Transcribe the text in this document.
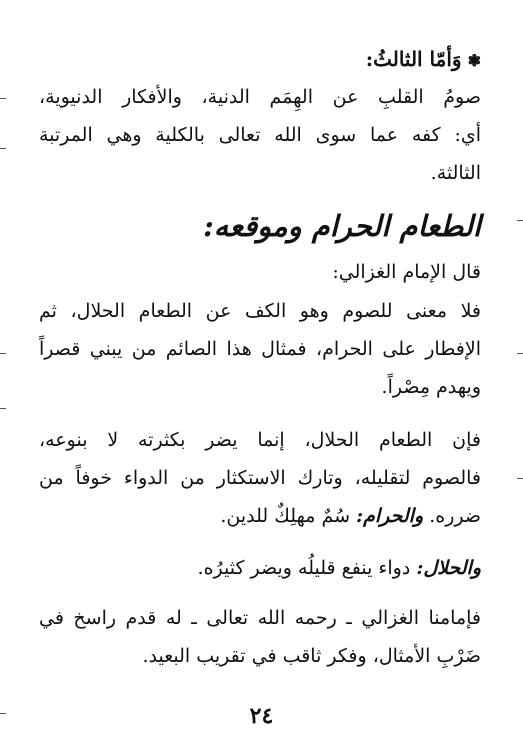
❃وَأمّا الثالثُ:
صومُ القلبِ عن الهِمَم الدنية، والأفكار الدنيوية،
أي: كفه عما سوى الله تعالى بالكلية وهي المرتبة
الثالثة.
الطعام الحرام وموقعه:
قال الإمام الغزالي:
فلا معنى للصوم وهو الكف عن الطعام الحلال، ثم
الإفطار على الحرام، فمثال هذا الصائم من يبني قصراً
ويهدم مِصْراً.
فإن الطعام الحلال، إنما يضر بكثرته لا بنوعه،
فالصوم لتقليله، وتارك الاستكثار من الدواء خوفاً من
ضرره. والحرام: سُمٌ مهلِكٌ للدين.
والحلال: دواء ينفع قليلُه ويضر كثيرُه.
فإمامنا الغزالي ـ رحمه الله تعالى ـ له قدم راسخ في
ضَرْبِ الأمثال، وفكر ثاقب في تقريب البعيد.
٢٤
